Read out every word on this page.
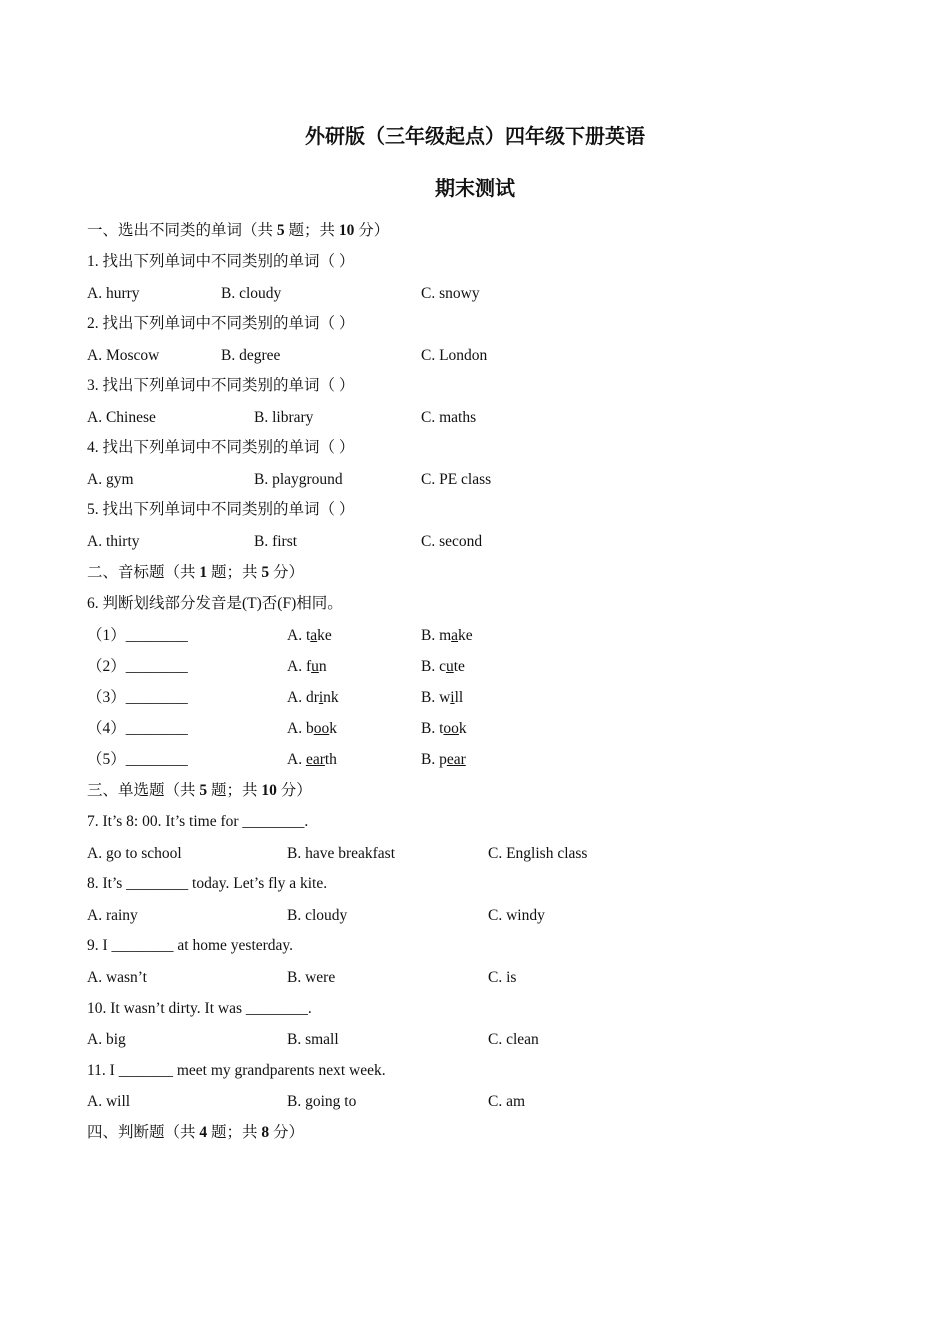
外研版（三年级起点）四年级下册英语
期末测试
一、选出不同类的单词（共 5 题；共 10 分）
1. 找出下列单词中不同类别的单词（ ）
A. hurry	B. cloudy	C. snowy
2. 找出下列单词中不同类别的单词（ ）
A. Moscow	B. degree	C. London
3. 找出下列单词中不同类别的单词（ ）
A. Chinese	B. library	C. maths
4. 找出下列单词中不同类别的单词（ ）
A. gym	B. playground	C. PE class
5. 找出下列单词中不同类别的单词（ ）
A. thirty	B. first	C. second
二、音标题（共 1 题；共 5 分）
6. 判断划线部分发音是(T)否(F)相同。
（1）________	A. take	B. make
（2）________	A. fun	B. cute
（3）________	A. drink	B. will
（4）________	A. book	B. took
（5）________	A. earth	B. pear
三、单选题（共 5 题；共 10 分）
7. It’s 8: 00. It’s time for ________.
A. go to school	B. have breakfast	C. English class
8. It’s ________ today. Let’s fly a kite.
A. rainy	B. cloudy	C. windy
9. I ________ at home yesterday.
A. wasn’t	B. were	C. is
10. It wasn’t dirty. It was ________.
A. big	B. small	C. clean
11. I _______ meet my grandparents next week.
A. will	B. going to	C. am
四、判断题（共 4 题；共 8 分）
